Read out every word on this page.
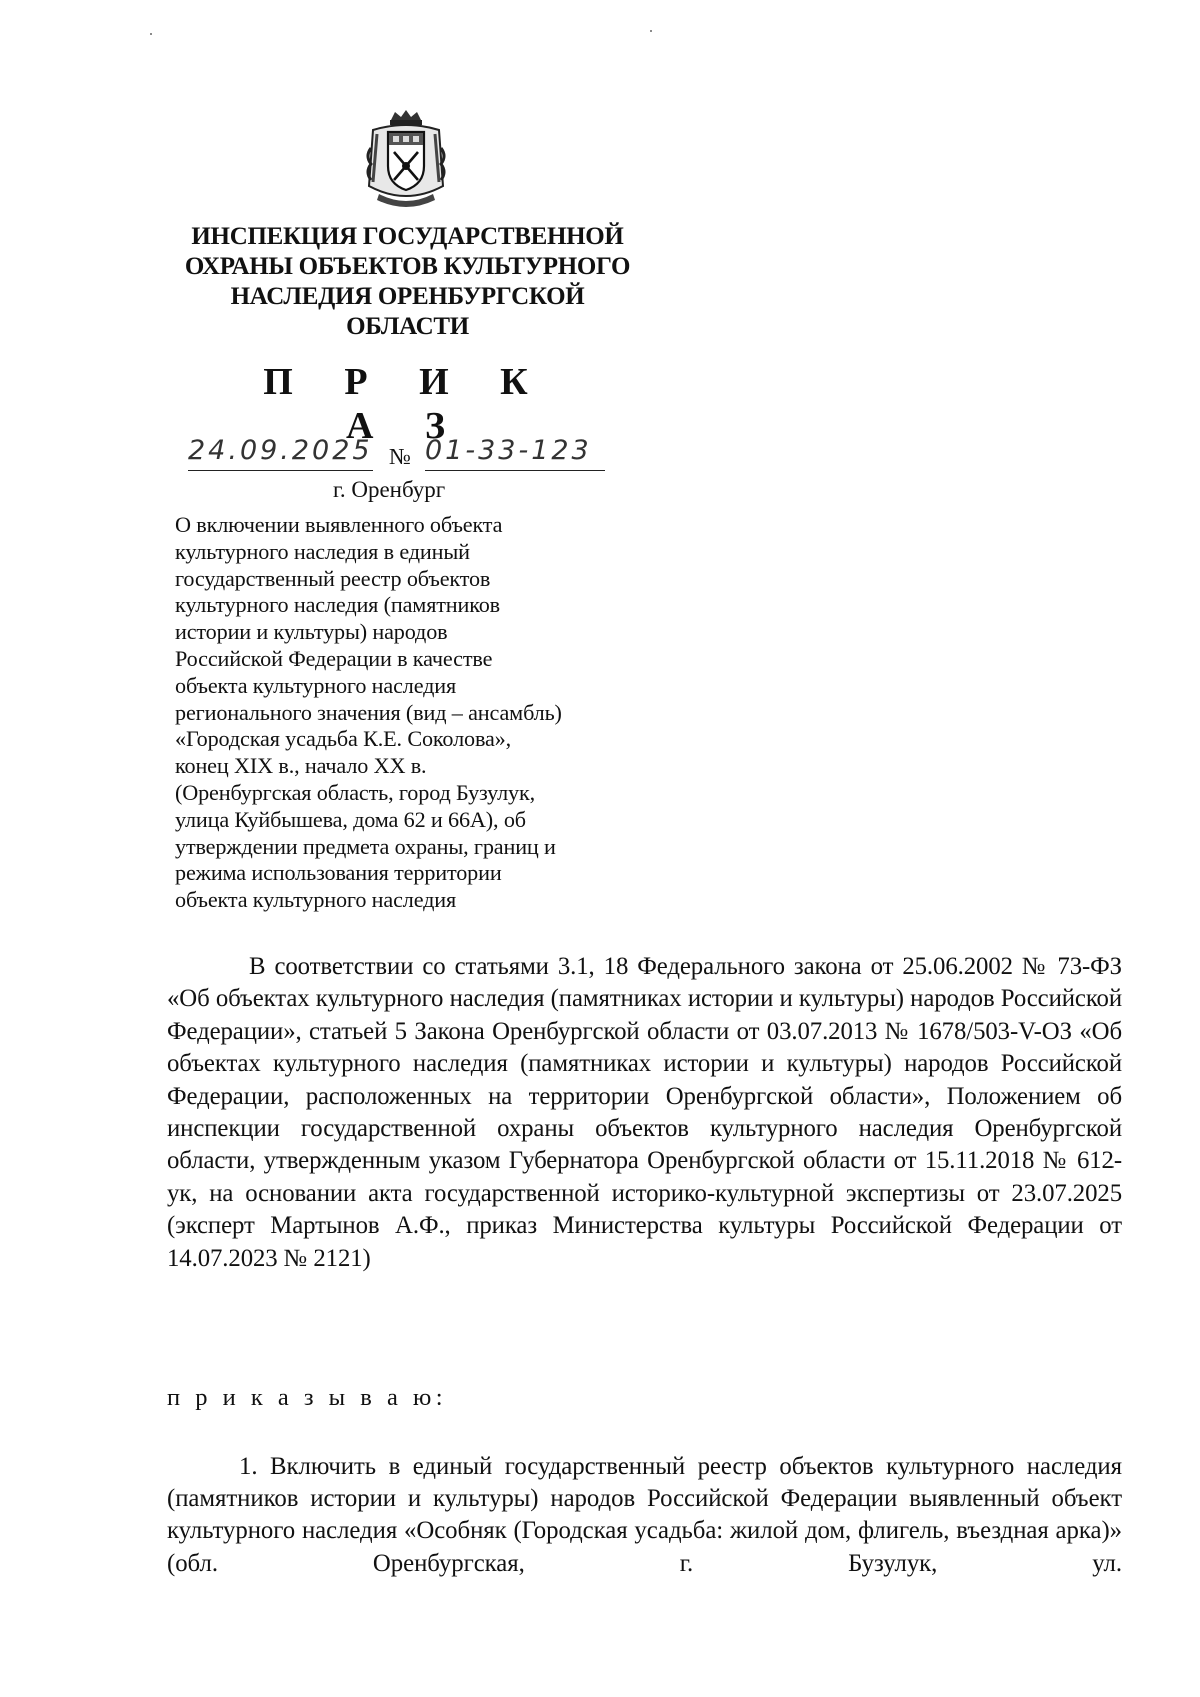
ИНСПЕКЦИЯ ГОСУДАРСТВЕННОЙ
ОХРАНЫ ОБЪЕКТОВ КУЛЬТУРНОГО
НАСЛЕДИЯ ОРЕНБУРГСКОЙ
ОБЛАСТИ
П Р И К А З
24.09.2025 № 01-33-123
г. Оренбург
О включении выявленного объекта
культурного наследия в единый
государственный реестр объектов
культурного наследия (памятников
истории и культуры) народов
Российской Федерации в качестве
объекта культурного наследия
регионального значения (вид – ансамбль)
«Городская усадьба К.Е. Соколова»,
конец XIX в., начало XX в.
(Оренбургская область, город Бузулук,
улица Куйбышева, дома 62 и 66А), об
утверждении предмета охраны, границ и
режима использования территории
объекта культурного наследия

В соответствии со статьями 3.1, 18 Федерального закона от 25.06.2002 № 73-ФЗ «Об объектах культурного наследия (памятниках истории и культуры) народов Российской Федерации», статьей 5 Закона Оренбургской области от 03.07.2013 № 1678/503-V-ОЗ «Об объектах культурного наследия (памятниках истории и культуры) народов Российской Федерации, расположенных на территории Оренбургской области», Положением об инспекции государственной охраны объектов культурного наследия Оренбургской области, утвержденным указом Губернатора Оренбургской области от 15.11.2018 № 612-ук, на основании акта государственной историко-культурной экспертизы от 23.07.2025 (эксперт Мартынов А.Ф., приказ Министерства культуры Российской Федерации от 14.07.2023 № 2121)

п р и к а з ы в а ю:

1. Включить в единый государственный реестр объектов культурного наследия (памятников истории и культуры) народов Российской Федерации выявленный объект культурного наследия «Особняк (Городская усадьба: жилой дом, флигель, въездная арка)» (обл. Оренбургская, г. Бузулук, ул.
